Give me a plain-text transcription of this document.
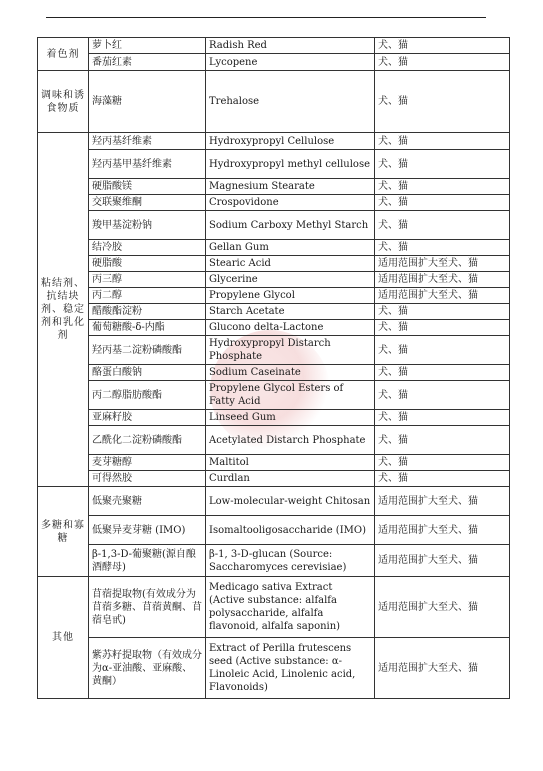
着色剂	萝卜红	Radish Red	犬、猫
	番茄红素	Lycopene	犬、猫
调味和诱食物质	海藻糖	Trehalose	犬、猫
粘结剂、抗结块剂、稳定剂和乳化剂	羟丙基纤维素	Hydroxypropyl Cellulose	犬、猫
	羟丙基甲基纤维素	Hydroxypropyl methyl cellulose	犬、猫
	硬脂酸镁	Magnesium Stearate	犬、猫
	交联聚维酮	Crospovidone	犬、猫
	羧甲基淀粉钠	Sodium Carboxy Methyl Starch	犬、猫
	结冷胶	Gellan Gum	犬、猫
	硬脂酸	Stearic Acid	适用范围扩大至犬、猫
	丙三醇	Glycerine	适用范围扩大至犬、猫
	丙二醇	Propylene Glycol	适用范围扩大至犬、猫
	醋酸酯淀粉	Starch Acetate	犬、猫
	葡萄糖酸-δ-内酯	Glucono delta-Lactone	犬、猫
	羟丙基二淀粉磷酸酯	Hydroxypropyl Distarch Phosphate	犬、猫
	酪蛋白酸钠	Sodium Caseinate	犬、猫
	丙二醇脂肪酸酯	Propylene Glycol Esters of Fatty Acid	犬、猫
	亚麻籽胶	Linseed Gum	犬、猫
	乙酰化二淀粉磷酸酯	Acetylated Distarch Phosphate	犬、猫
	麦芽糖醇	Maltitol	犬、猫
	可得然胶	Curdlan	犬、猫
多糖和寡糖	低聚壳聚糖	Low-molecular-weight Chitosan	适用范围扩大至犬、猫
	低聚异麦芽糖 (IMO)	Isomaltooligosaccharide (IMO)	适用范围扩大至犬、猫
	β-1,3-D-葡聚糖(源自酿酒酵母)	β-1, 3-D-glucan (Source: Saccharomyces cerevisiae)	适用范围扩大至犬、猫
其他	苜蓿提取物(有效成分为苜蓿多糖、苜蓿黄酮、苜蓿皂甙)	Medicago sativa Extract (Active substance: alfalfa polysaccharide, alfalfa flavonoid, alfalfa saponin)	适用范围扩大至犬、猫
	紫苏籽提取物（有效成分为α-亚油酸、亚麻酸、黄酮）	Extract of Perilla frutescens seed (Active substance: α-Linoleic Acid, Linolenic acid, Flavonoids)	适用范围扩大至犬、猫
